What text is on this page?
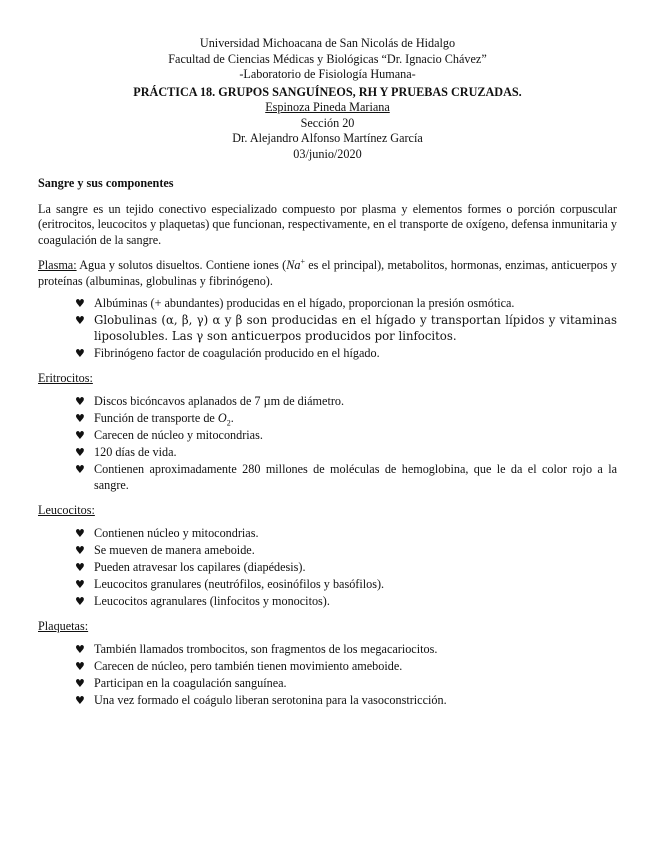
Universidad Michoacana de San Nicolás de Hidalgo

Facultad de Ciencias Médicas y Biológicas “Dr. Ignacio Chávez”

-Laboratorio de Fisiología Humana-

PRÁCTICA 18. GRUPOS SANGUÍNEOS, RH Y PRUEBAS CRUZADAS.

Espinoza Pineda Mariana

Sección 20

Dr. Alejandro Alfonso Martínez García

03/junio/2020

Sangre y sus componentes

La sangre es un tejido conectivo especializado compuesto por plasma y elementos formes o porción corpuscular (eritrocitos, leucocitos y plaquetas) que funcionan, respectivamente, en el transporte de oxígeno, defensa inmunitaria y coagulación de la sangre.

Plasma: Agua y solutos disueltos. Contiene iones (Na+ es el principal), metabolitos, hormonas, enzimas, anticuerpos y proteínas (albuminas, globulinas y fibrinógeno).

♥ Albúminas (+ abundantes) producidas en el hígado, proporcionan la presión osmótica.
♥ Globulinas (α, β, γ) α y β son producidas en el hígado y transportan lípidos y vitaminas liposolubles. Las γ son anticuerpos producidos por linfocitos.
♥ Fibrinógeno factor de coagulación producido en el hígado.

Eritrocitos:

♥ Discos bicóncavos aplanados de 7 µm de diámetro.
♥ Función de transporte de $O_2$.
♥ Carecen de núcleo y mitocondrias.
♥ 120 días de vida.
♥ Contienen aproximadamente 280 millones de moléculas de hemoglobina, que le da el color rojo a la sangre.

Leucocitos:

♥ Contienen núcleo y mitocondrias.
♥ Se mueven de manera ameboide.
♥ Pueden atravesar los capilares (diapédesis).
♥ Leucocitos granulares (neutrófilos, eosinófilos y basófilos).
♥ Leucocitos agranulares (linfocitos y monocitos).

Plaquetas:

♥ También llamados trombocitos, son fragmentos de los megacariocitos.
♥ Carecen de núcleo, pero también tienen movimiento ameboide.
♥ Participan en la coagulación sanguínea.
♥ Una vez formado el coágulo liberan serotonina para la vasoconstricción.
